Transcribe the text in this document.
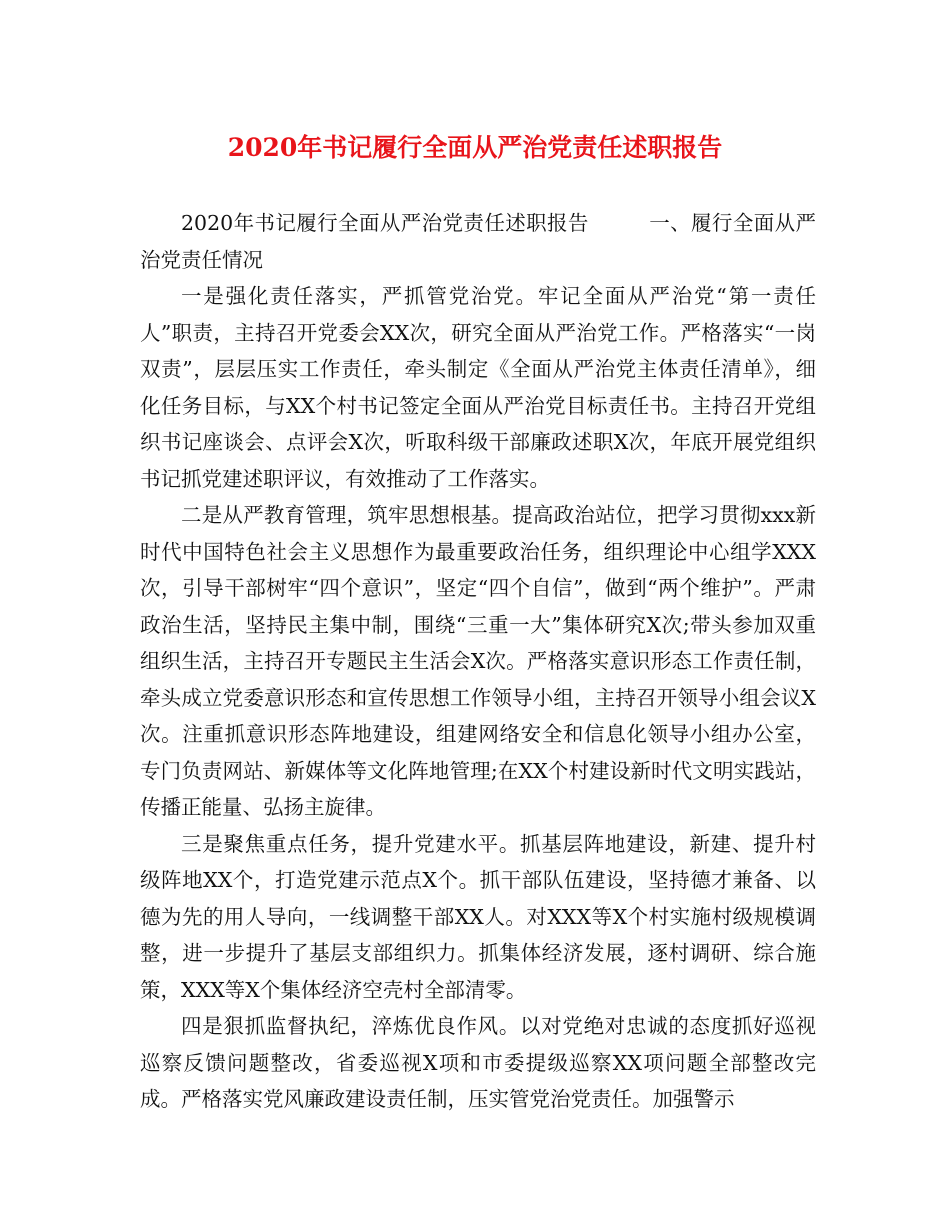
2020年书记履行全面从严治党责任述职报告

2020年书记履行全面从严治党责任述职报告	一、履行全面从严治党责任情况

一是强化责任落实，严抓管党治党。牢记全面从严治党“第一责任人”职责，主持召开党委会XX次，研究全面从严治党工作。严格落实“一岗双责”，层层压实工作责任，牵头制定《全面从严治党主体责任清单》，细化任务目标，与XX个村书记签定全面从严治党目标责任书。主持召开党组织书记座谈会、点评会X次，听取科级干部廉政述职X次，年底开展党组织书记抓党建述职评议，有效推动了工作落实。

二是从严教育管理，筑牢思想根基。提高政治站位，把学习贯彻xxx新时代中国特色社会主义思想作为最重要政治任务，组织理论中心组学XXX次，引导干部树牢“四个意识”，坚定“四个自信”，做到“两个维护”。严肃政治生活，坚持民主集中制，围绕“三重一大”集体研究X次;带头参加双重组织生活，主持召开专题民主生活会X次。严格落实意识形态工作责任制，牵头成立党委意识形态和宣传思想工作领导小组，主持召开领导小组会议X次。注重抓意识形态阵地建设，组建网络安全和信息化领导小组办公室，专门负责网站、新媒体等文化阵地管理;在XX个村建设新时代文明实践站，传播正能量、弘扬主旋律。

三是聚焦重点任务，提升党建水平。抓基层阵地建设，新建、提升村级阵地XX个，打造党建示范点X个。抓干部队伍建设，坚持德才兼备、以德为先的用人导向，一线调整干部XX人。对XXX等X个村实施村级规模调整，进一步提升了基层支部组织力。抓集体经济发展，逐村调研、综合施策，XXX等X个集体经济空壳村全部清零。

四是狠抓监督执纪，淬炼优良作风。以对党绝对忠诚的态度抓好巡视巡察反馈问题整改，省委巡视X项和市委提级巡察XX项问题全部整改完成。严格落实党风廉政建设责任制，压实管党治党责任。加强警示
